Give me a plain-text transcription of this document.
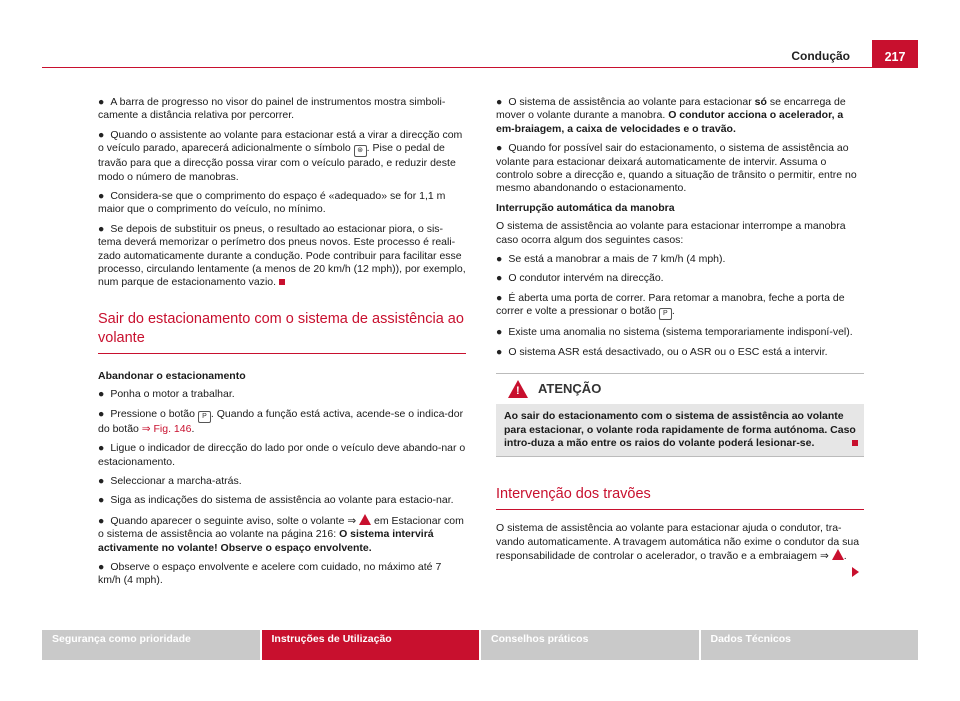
Condução	217
● A barra de progresso no visor do painel de instrumentos mostra simboli-camente a distância relativa por percorrer.
● Quando o assistente ao volante para estacionar está a virar a direcção com o veículo parado, aparecerá adicionalmente o símbolo ⊛ . Pise o pedal de travão para que a direcção possa virar com o veículo parado, e reduzir deste modo o número de manobras.
● Considera-se que o comprimento do espaço é «adequado» se for 1,1 m maior que o comprimento do veículo, no mínimo.
● Se depois de substituir os pneus, o resultado ao estacionar piora, o sis-tema deverá memorizar o perímetro dos pneus novos. Este processo é reali-zado automaticamente durante a condução. Pode contribuir para facilitar esse processo, circulando lentamente (a menos de 20 km/h (12 mph)), por exemplo, num parque de estacionamento vazio.
Sair do estacionamento com o sistema de assistência ao volante

Abandonar o estacionamento

● Ponha o motor a trabalhar.
● Pressione o botão P . Quando a função está activa, acende-se o indica-dor do botão ⇒ Fig. 146.
● Ligue o indicador de direcção do lado por onde o veículo deve abando-nar o estacionamento.
● Seleccionar a marcha-atrás.
● Siga as indicações do sistema de assistência ao volante para estacio-nar.
● Quando aparecer o seguinte aviso, solte o volante ⇒ em Estacionar com o sistema de assistência ao volante na página 216: O sistema intervirá activamente no volante! Observe o espaço envolvente.
● Observe o espaço envolvente e acelere com cuidado, no máximo até 7 km/h (4 mph).
● O sistema de assistência ao volante para estacionar só se encarrega de mover o volante durante a manobra. O condutor acciona o acelerador, a em-braiagem, a caixa de velocidades e o travão.
● Quando for possível sair do estacionamento, o sistema de assistência ao volante para estacionar deixará automaticamente de intervir. Assuma o controlo sobre a direcção e, quando a situação de trânsito o permitir, entre no mesmo abandonando o estacionamento.

Interrupção automática da manobra

O sistema de assistência ao volante para estacionar interrompe a manobra caso ocorra algum dos seguintes casos:

● Se está a manobrar a mais de 7 km/h (4 mph).
● O condutor intervém na direcção.
● É aberta uma porta de correr. Para retomar a manobra, feche a porta de correr e volte a pressionar o botão P .
● Existe uma anomalia no sistema (sistema temporariamente indisponí-vel).
● O sistema ASR está desactivado, ou o ASR ou o ESC está a intervir.
! ATENÇÃO
Ao sair do estacionamento com o sistema de assistência ao volante para estacionar, o volante roda rapidamente de forma autónoma. Caso intro-duza a mão entre os raios do volante poderá lesionar-se.
Intervenção dos travões

O sistema de assistência ao volante para estacionar ajuda o condutor, tra-vando automaticamente. A travagem automática não exime o condutor da sua responsabilidade de controlar o acelerador, o travão e a embraiagem ⇒ .

Segurança como prioridade	Instruções de Utilização	Conselhos práticos	Dados Técnicos
